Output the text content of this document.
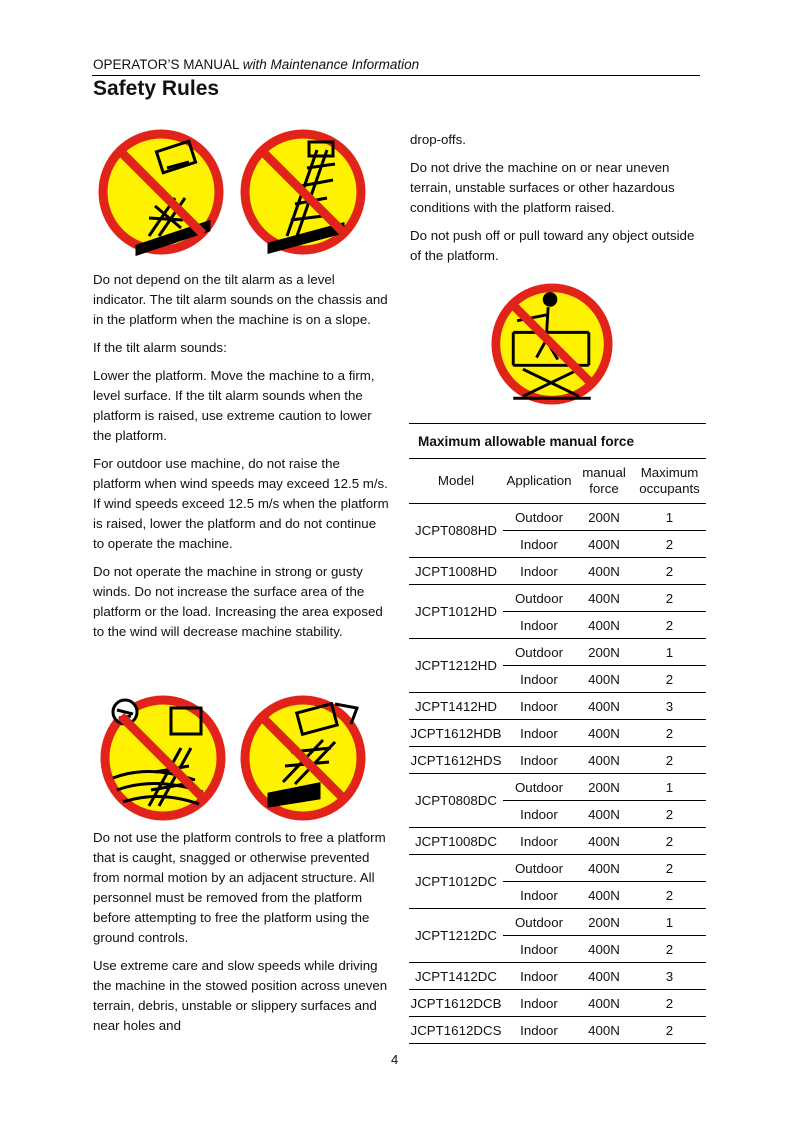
OPERATOR’S MANUAL with Maintenance Information
Safety Rules

Do not depend on the tilt alarm as a level indicator. The tilt alarm sounds on the chassis and in the platform when the machine is on a slope.

If the tilt alarm sounds:

Lower the platform. Move the machine to a firm, level surface. If the tilt alarm sounds when the platform is raised, use extreme caution to lower the platform.

For outdoor use machine, do not raise the platform when wind speeds may exceed 12.5 m/s. If wind speeds exceed 12.5 m/s when the platform is raised, lower the platform and do not continue to operate the machine.

Do not operate the machine in strong or gusty winds. Do not increase the surface area of the platform or the load. Increasing the area exposed to the wind will decrease machine stability.

Do not use the platform controls to free a platform that is caught, snagged or otherwise prevented from normal motion by an adjacent structure. All personnel must be removed from the platform before attempting to free the platform using the ground controls.

Use extreme care and slow speeds while driving the machine in the stowed position across uneven terrain, debris, unstable or slippery surfaces and near holes and

drop-offs.

Do not drive the machine on or near uneven terrain, unstable surfaces or other hazardous conditions with the platform raised.

Do not push off or pull toward any object outside of the platform.

Maximum allowable manual force
Model	Application	manual force	Maximum occupants
JCPT0808HD	Outdoor	200N	1
	Indoor	400N	2
JCPT1008HD	Indoor	400N	2
JCPT1012HD	Outdoor	400N	2
	Indoor	400N	2
JCPT1212HD	Outdoor	200N	1
	Indoor	400N	2
JCPT1412HD	Indoor	400N	3
JCPT1612HDB	Indoor	400N	2
JCPT1612HDS	Indoor	400N	2
JCPT0808DC	Outdoor	200N	1
	Indoor	400N	2
JCPT1008DC	Indoor	400N	2
JCPT1012DC	Outdoor	400N	2
	Indoor	400N	2
JCPT1212DC	Outdoor	200N	1
	Indoor	400N	2
JCPT1412DC	Indoor	400N	3
JCPT1612DCB	Indoor	400N	2
JCPT1612DCS	Indoor	400N	2
4
